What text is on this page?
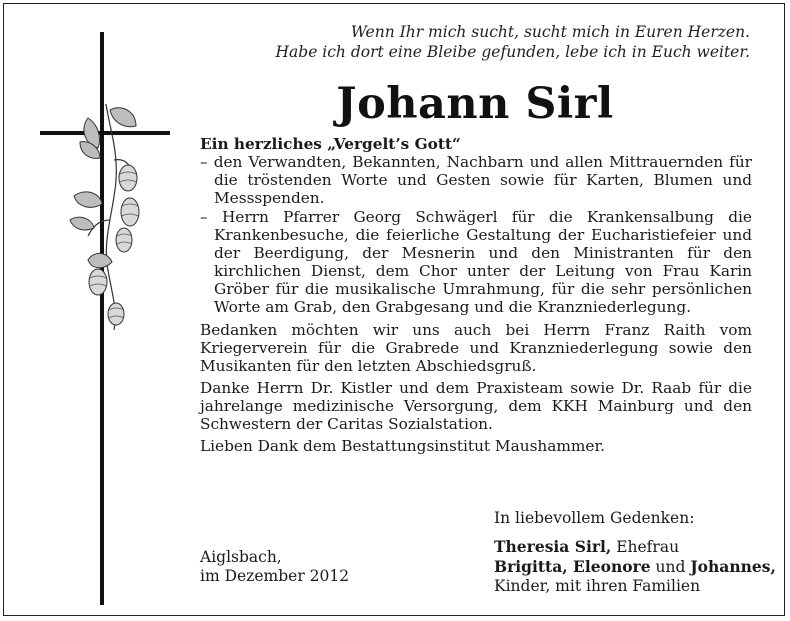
Wenn Ihr mich sucht, sucht mich in Euren Herzen.
Habe ich dort eine Bleibe gefunden, lebe ich in Euch weiter.
Johann Sirl
Ein herzliches „Vergelt’s Gott“

– den Verwandten, Bekannten, Nachbarn und allen Mittrauernden für die tröstenden Worte und Gesten sowie für Karten, Blumen und Messspenden.

– Herrn Pfarrer Georg Schwägerl für die Krankensalbung die Krankenbesuche, die feierliche Gestaltung der Eucharistiefeier und der Beerdigung, der Mesnerin und den Ministranten für den kirchlichen Dienst, dem Chor unter der Leitung von Frau Karin Gröber für die musikalische Umrahmung, für die sehr persönlichen Worte am Grab, den Grabgesang und die Kranzniederlegung.

Bedanken möchten wir uns auch bei Herrn Franz Raith vom Kriegerverein für die Grabrede und Kranzniederlegung sowie den Musikanten für den letzten Abschiedsgruß.

Danke Herrn Dr. Kistler und dem Praxisteam sowie Dr. Raab für die jahrelange medizinische Versorgung, dem KKH Mainburg und den Schwestern der Caritas Sozialstation.

Lieben Dank dem Bestattungsinstitut Maushammer.

Aiglsbach,
im Dezember 2012
In liebevollem Gedenken:
Theresia Sirl, Ehefrau
Brigitta, Eleonore und Johannes,
Kinder, mit ihren Familien
